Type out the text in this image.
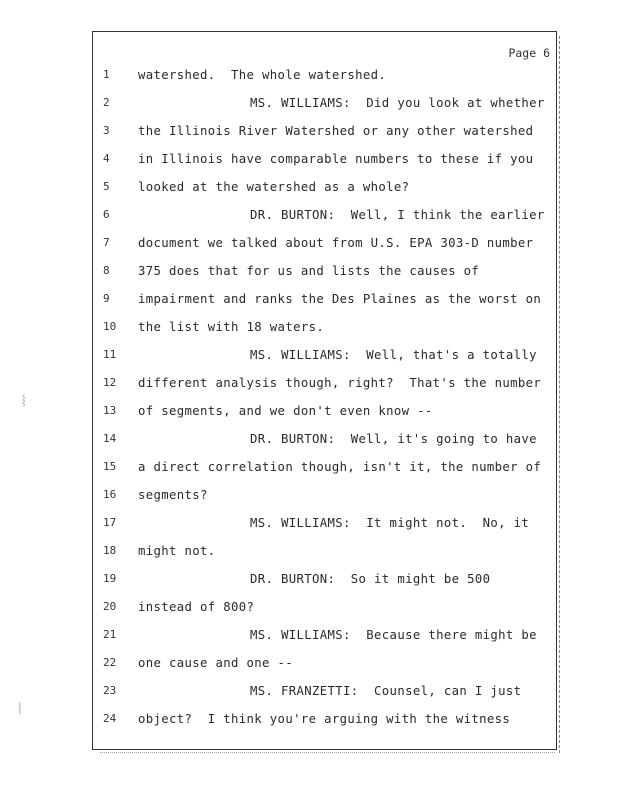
Page 6
1	watershed.  The whole watershed.
2	MS. WILLIAMS:  Did you look at whether
3	the Illinois River Watershed or any other watershed
4	in Illinois have comparable numbers to these if you
5	looked at the watershed as a whole?
6	DR. BURTON:  Well, I think the earlier
7	document we talked about from U.S. EPA 303-D number
8	375 does that for us and lists the causes of
9	impairment and ranks the Des Plaines as the worst on
10	the list with 18 waters.
11	MS. WILLIAMS:  Well, that's a totally
12	different analysis though, right?  That's the number
13	of segments, and we don't even know --
14	DR. BURTON:  Well, it's going to have
15	a direct correlation though, isn't it, the number of
16	segments?
17	MS. WILLIAMS:  It might not.  No, it
18	might not.
19	DR. BURTON:  So it might be 500
20	instead of 800?
21	MS. WILLIAMS:  Because there might be
22	one cause and one --
23	MS. FRANZETTI:  Counsel, can I just
24	object?  I think you're arguing with the witness
⸾
⸾
